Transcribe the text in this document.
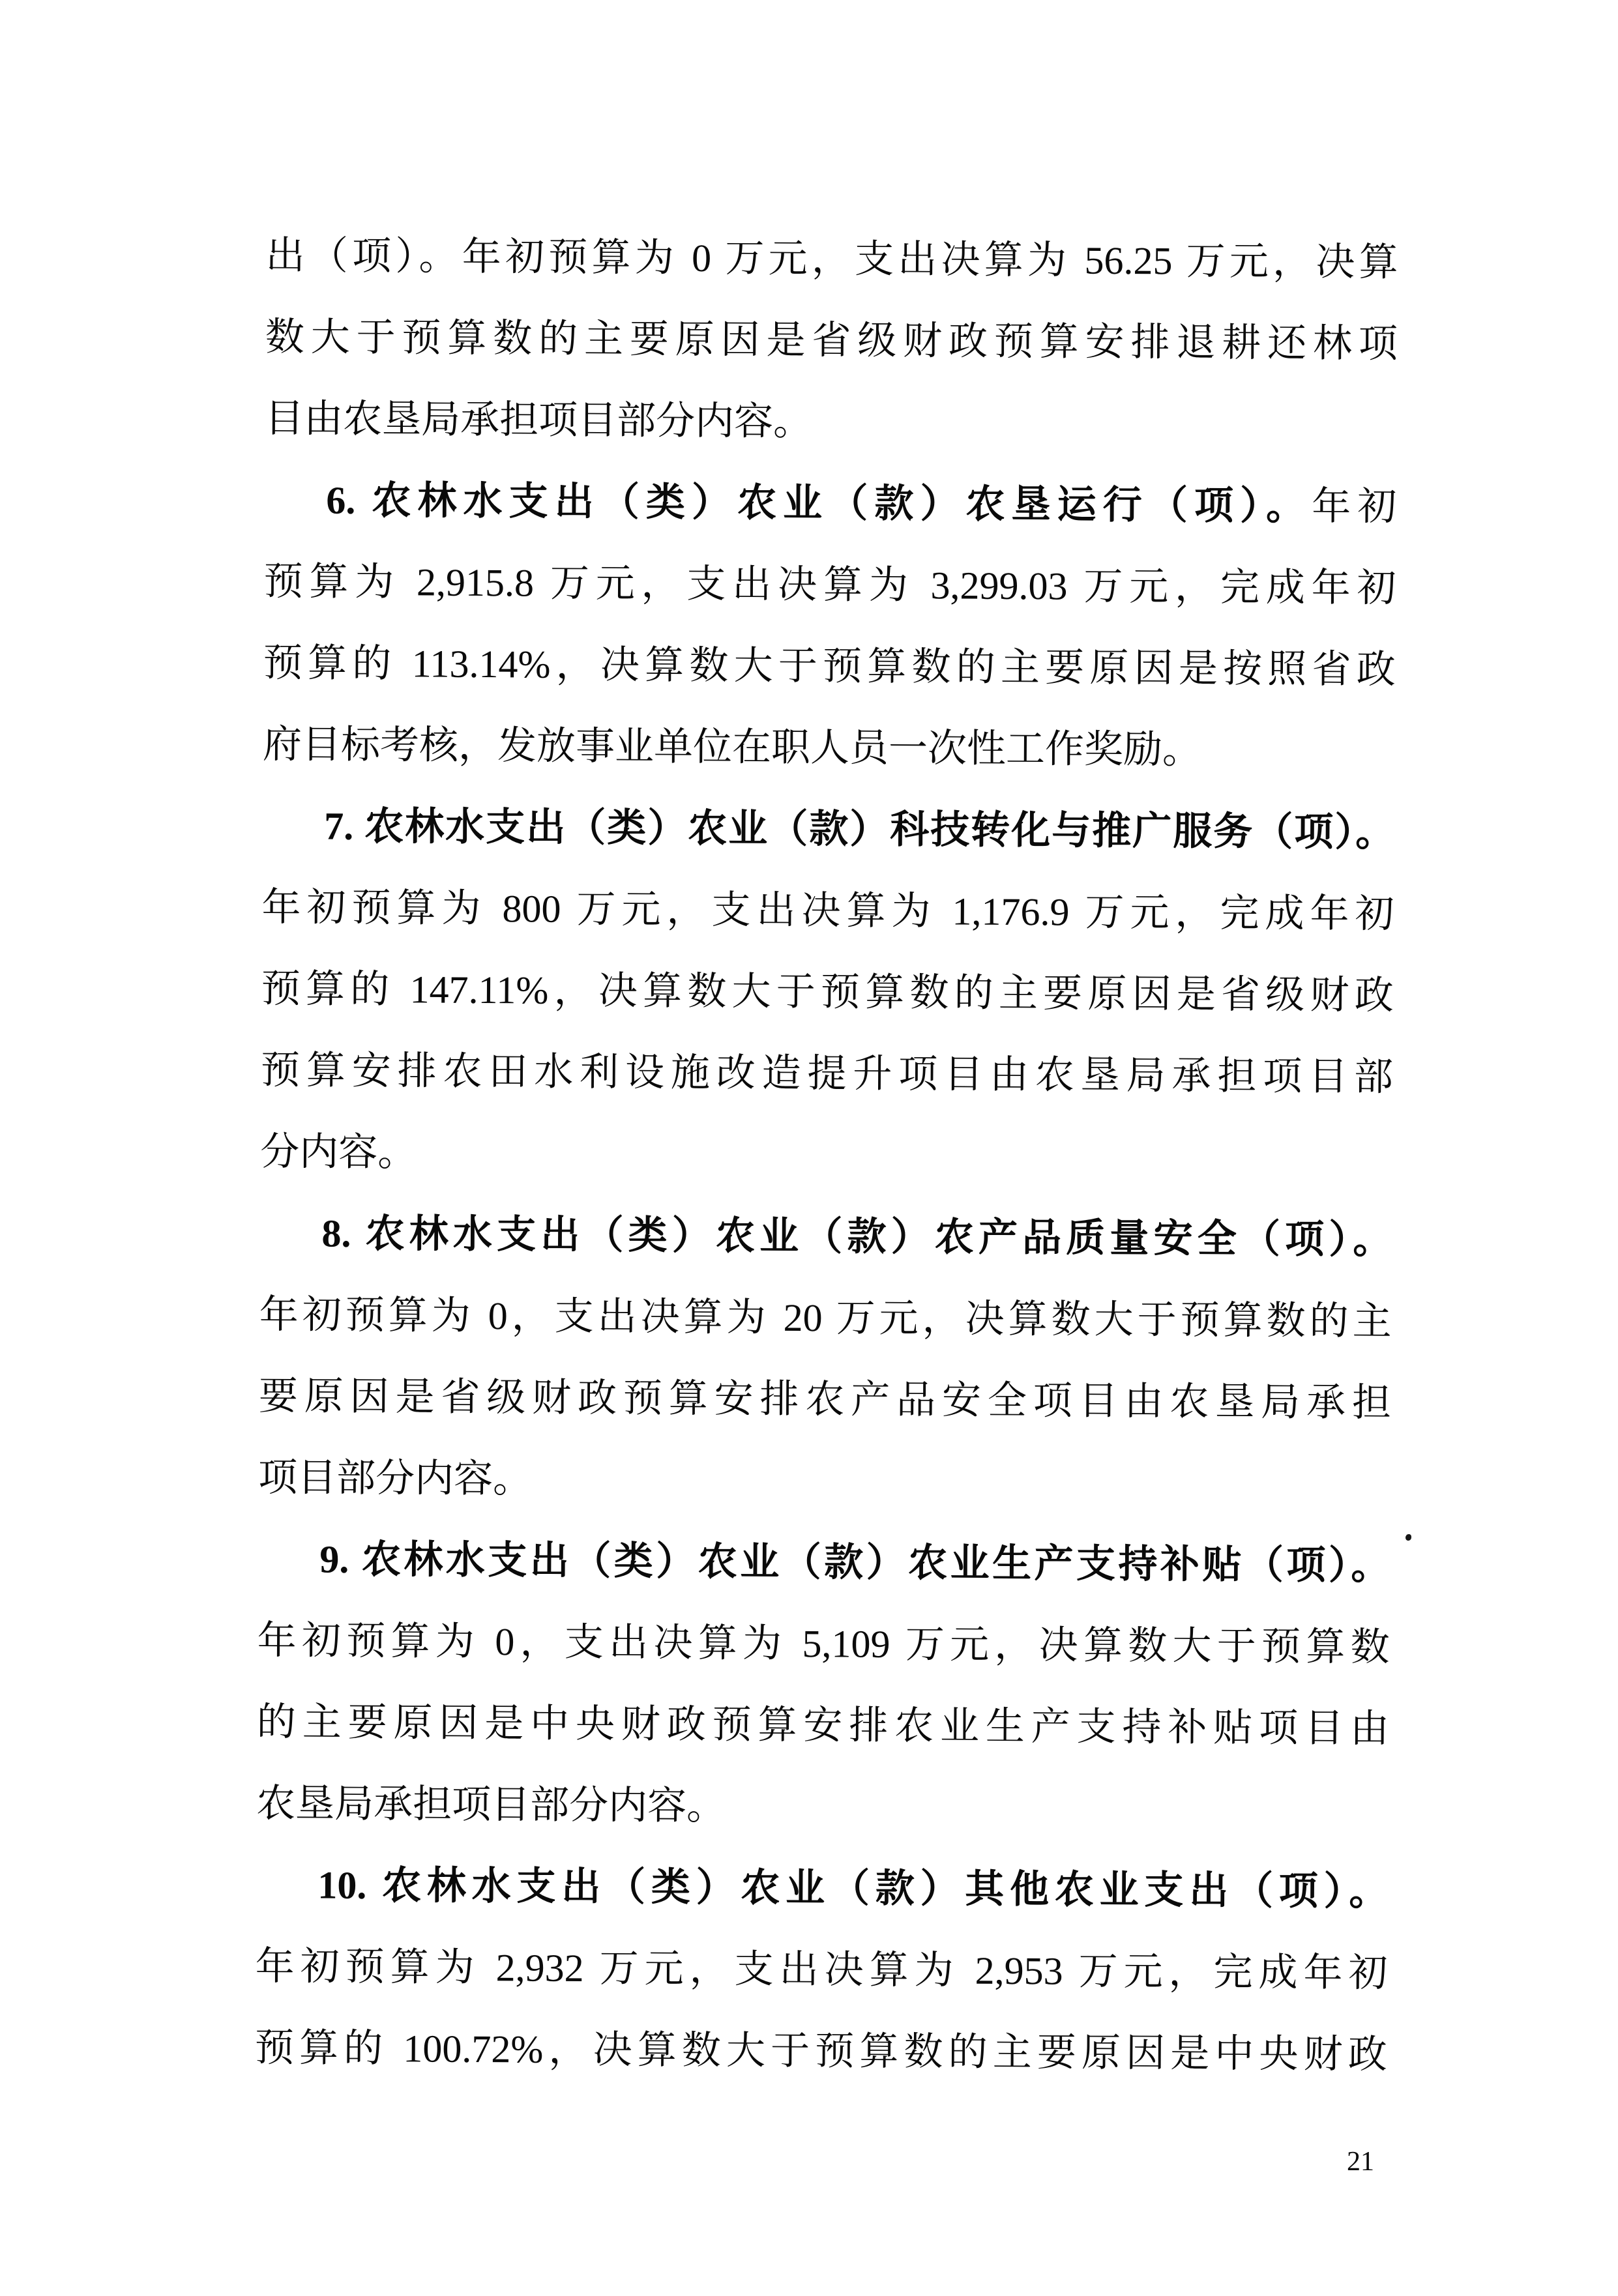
出（项）。年初预算为 0 万元，支出决算为 56.25 万元，决算
数大于预算数的主要原因是省级财政预算安排退耕还林项
目由农垦局承担项目部分内容。
6. 农林水支出（类）农业（款）农垦运行（项）。年初
预算为 2,915.8 万元，支出决算为 3,299.03 万元，完成年初
预算的 113.14%，决算数大于预算数的主要原因是按照省政
府目标考核，发放事业单位在职人员一次性工作奖励。
7. 农林水支出（类）农业（款）科技转化与推广服务（项）。
年初预算为 800 万元，支出决算为 1,176.9 万元，完成年初
预算的 147.11%，决算数大于预算数的主要原因是省级财政
预算安排农田水利设施改造提升项目由农垦局承担项目部
分内容。
8. 农林水支出（类）农业（款）农产品质量安全（项）。
年初预算为 0，支出决算为 20 万元，决算数大于预算数的主
要原因是省级财政预算安排农产品安全项目由农垦局承担
项目部分内容。
9. 农林水支出（类）农业（款）农业生产支持补贴（项）。
年初预算为 0，支出决算为 5,109 万元，决算数大于预算数
的主要原因是中央财政预算安排农业生产支持补贴项目由
农垦局承担项目部分内容。
10. 农林水支出（类）农业（款）其他农业支出（项）。
年初预算为 2,932 万元，支出决算为 2,953 万元，完成年初
预算的 100.72%，决算数大于预算数的主要原因是中央财政
21
